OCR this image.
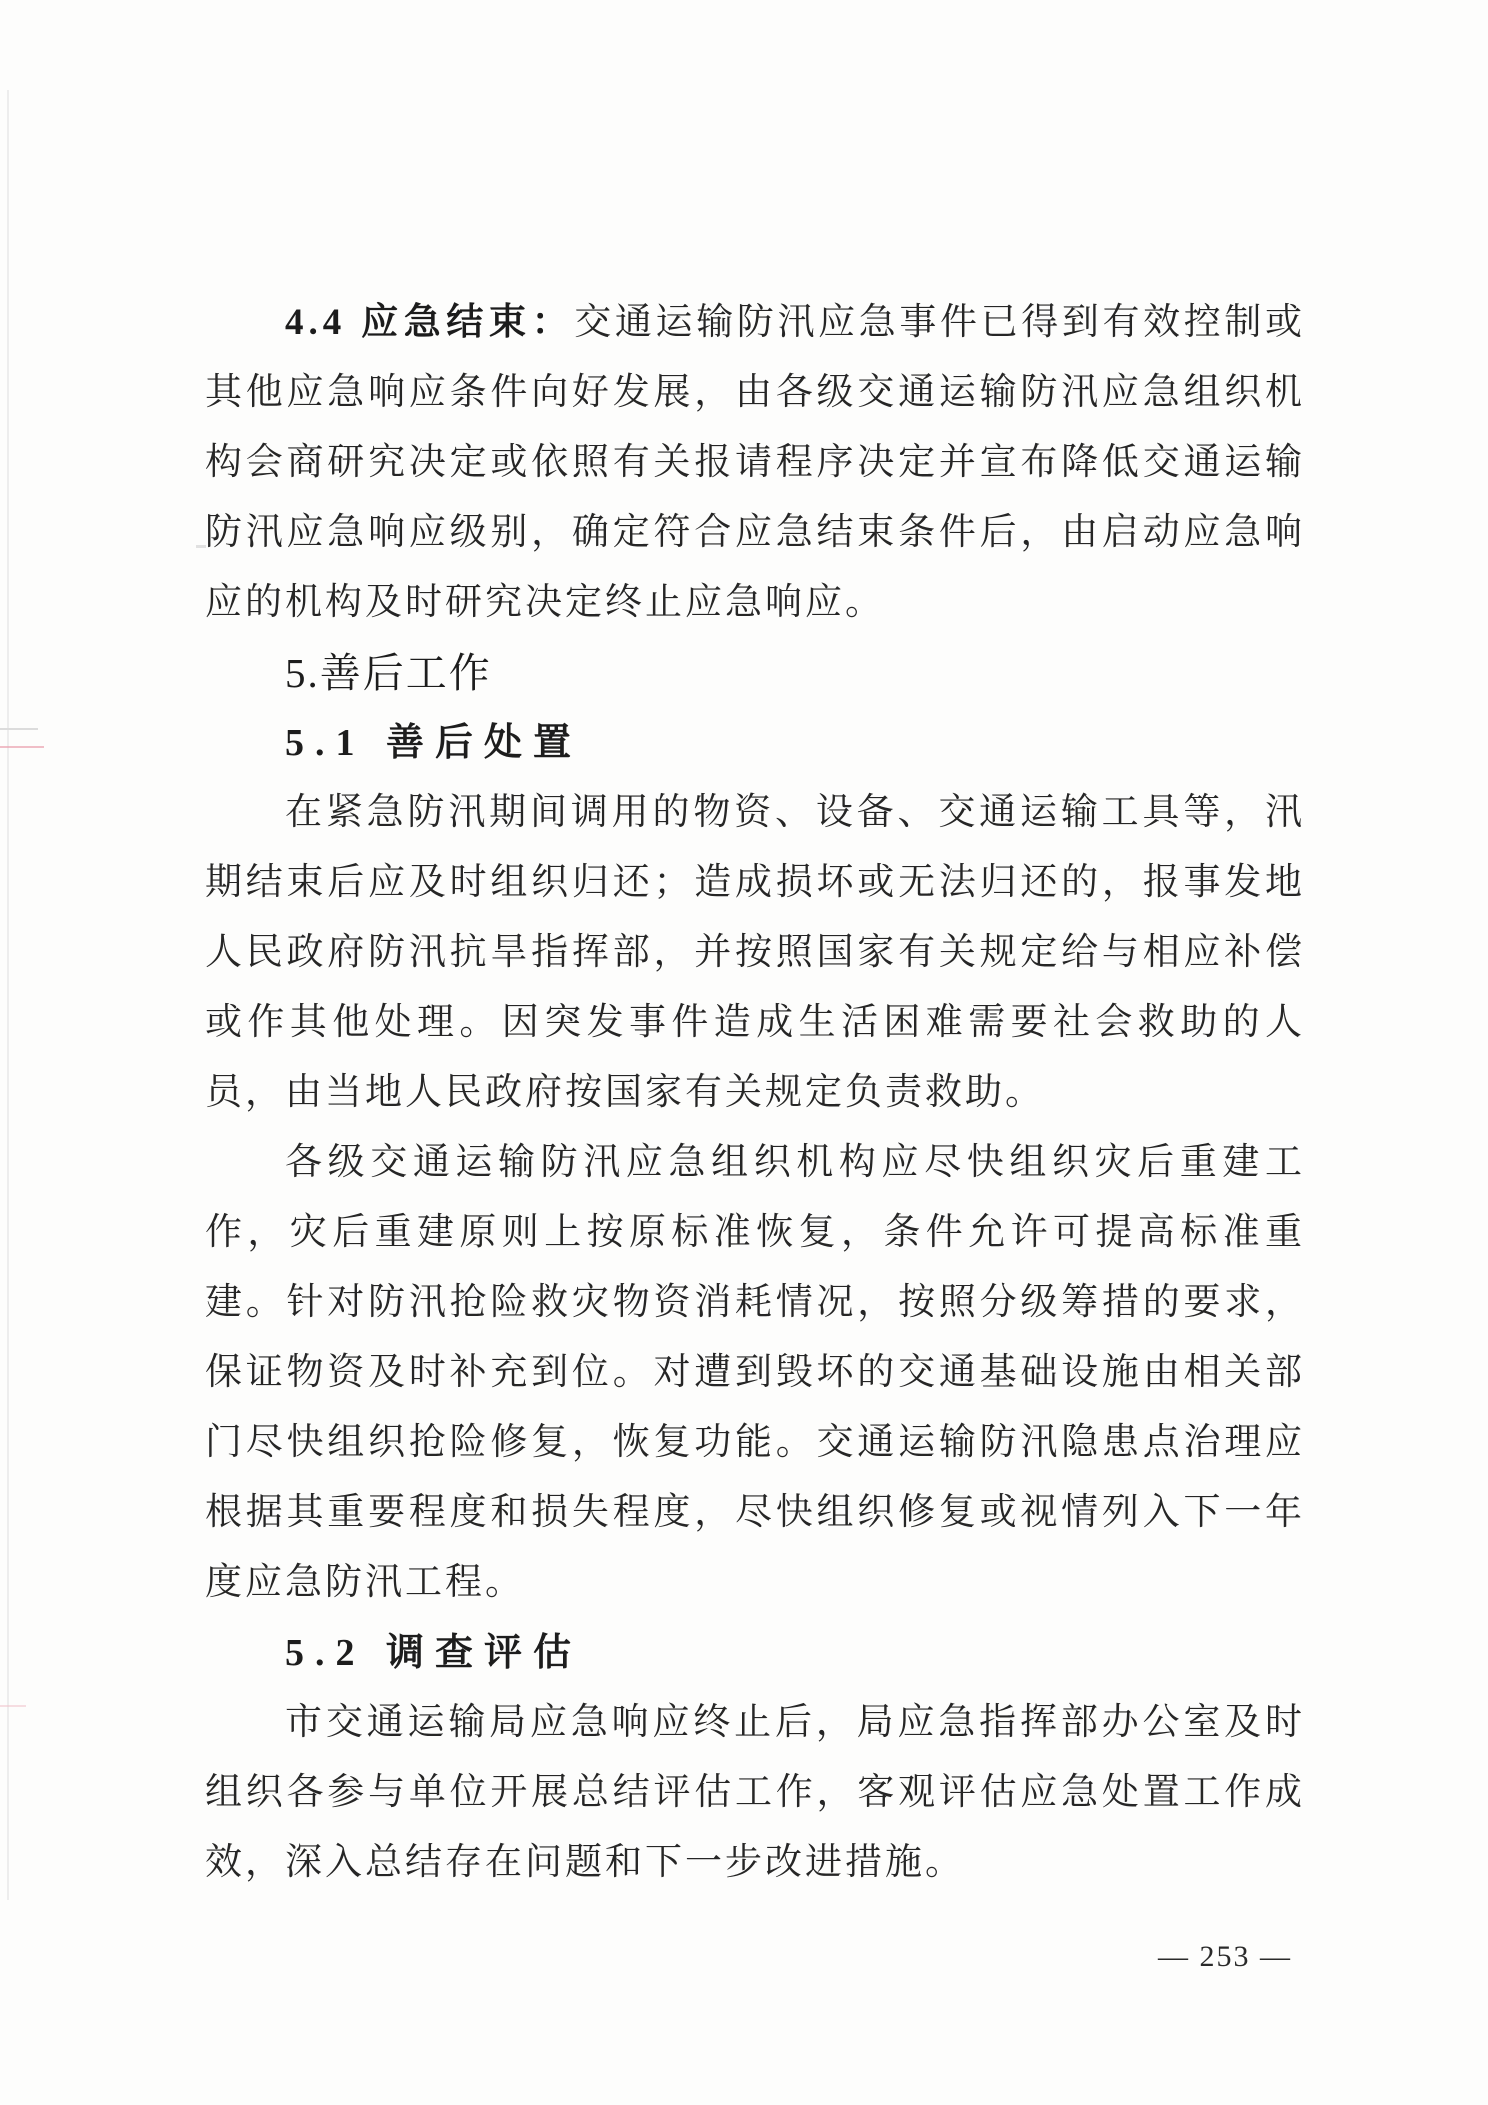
4.4 应急结束：交通运输防汛应急事件已得到有效控制或其他应急响应条件向好发展，由各级交通运输防汛应急组织机构会商研究决定或依照有关报请程序决定并宣布降低交通运输防汛应急响应级别，确定符合应急结束条件后，由启动应急响应的机构及时研究决定终止应急响应。

5.善后工作
5.1 善后处置

在紧急防汛期间调用的物资、设备、交通运输工具等，汛期结束后应及时组织归还；造成损坏或无法归还的，报事发地人民政府防汛抗旱指挥部，并按照国家有关规定给与相应补偿或作其他处理。因突发事件造成生活困难需要社会救助的人员，由当地人民政府按国家有关规定负责救助。

各级交通运输防汛应急组织机构应尽快组织灾后重建工作，灾后重建原则上按原标准恢复，条件允许可提高标准重建。针对防汛抢险救灾物资消耗情况，按照分级筹措的要求，保证物资及时补充到位。对遭到毁坏的交通基础设施由相关部门尽快组织抢险修复，恢复功能。交通运输防汛隐患点治理应根据其重要程度和损失程度，尽快组织修复或视情列入下一年度应急防汛工程。

5.2 调查评估

市交通运输局应急响应终止后，局应急指挥部办公室及时组织各参与单位开展总结评估工作，客观评估应急处置工作成效，深入总结存在问题和下一步改进措施。

— 253 —
